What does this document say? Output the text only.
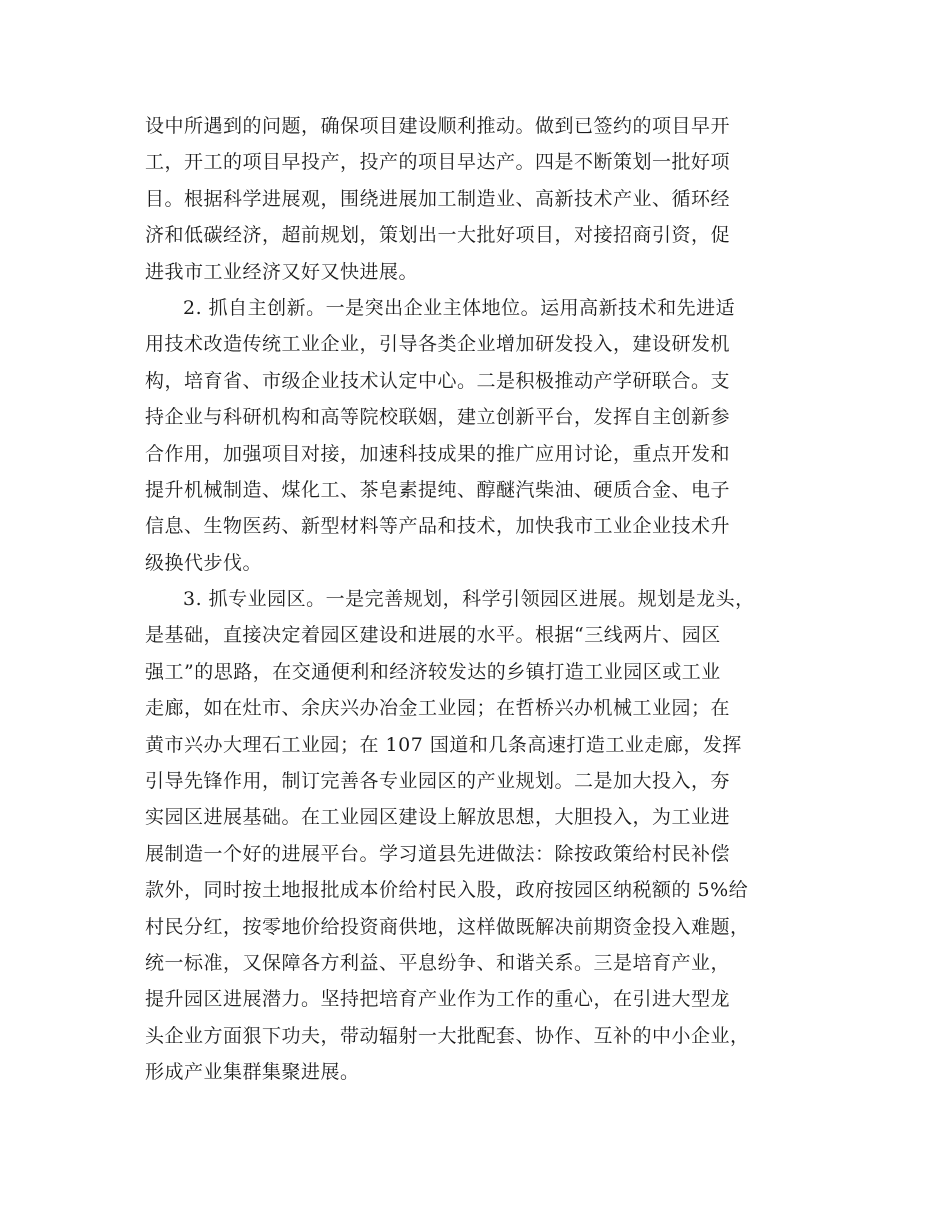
设中所遇到的问题，确保项目建设顺利推动。做到已签约的项目早开
工，开工的项目早投产，投产的项目早达产。四是不断策划一批好项
目。根据科学进展观，围绕进展加工制造业、高新技术产业、循环经
济和低碳经济，超前规划，策划出一大批好项目，对接招商引资，促
进我市工业经济又好又快进展。
2. 抓自主创新。一是突出企业主体地位。运用高新技术和先进适
用技术改造传统工业企业，引导各类企业增加研发投入，建设研发机
构，培育省、市级企业技术认定中心。二是积极推动产学研联合。支
持企业与科研机构和高等院校联姻，建立创新平台，发挥自主创新参
合作用，加强项目对接，加速科技成果的推广应用讨论，重点开发和
提升机械制造、煤化工、茶皂素提纯、醇醚汽柴油、硬质合金、电子
信息、生物医药、新型材料等产品和技术，加快我市工业企业技术升
级换代步伐。
3. 抓专业园区。一是完善规划，科学引领园区进展。规划是龙头，
是基础，直接决定着园区建设和进展的水平。根据“三线两片、园区
强工”的思路，在交通便利和经济较发达的乡镇打造工业园区或工业
走廊，如在灶市、余庆兴办冶金工业园；在哲桥兴办机械工业园；在
黄市兴办大理石工业园；在 107 国道和几条高速打造工业走廊，发挥
引导先锋作用，制订完善各专业园区的产业规划。二是加大投入，夯
实园区进展基础。在工业园区建设上解放思想，大胆投入，为工业进
展制造一个好的进展平台。学习道县先进做法：除按政策给村民补偿
款外，同时按土地报批成本价给村民入股，政府按园区纳税额的 5%给
村民分红，按零地价给投资商供地，这样做既解决前期资金投入难题，
统一标准，又保障各方利益、平息纷争、和谐关系。三是培育产业，
提升园区进展潜力。坚持把培育产业作为工作的重心，在引进大型龙
头企业方面狠下功夫，带动辐射一大批配套、协作、互补的中小企业，
形成产业集群集聚进展。
